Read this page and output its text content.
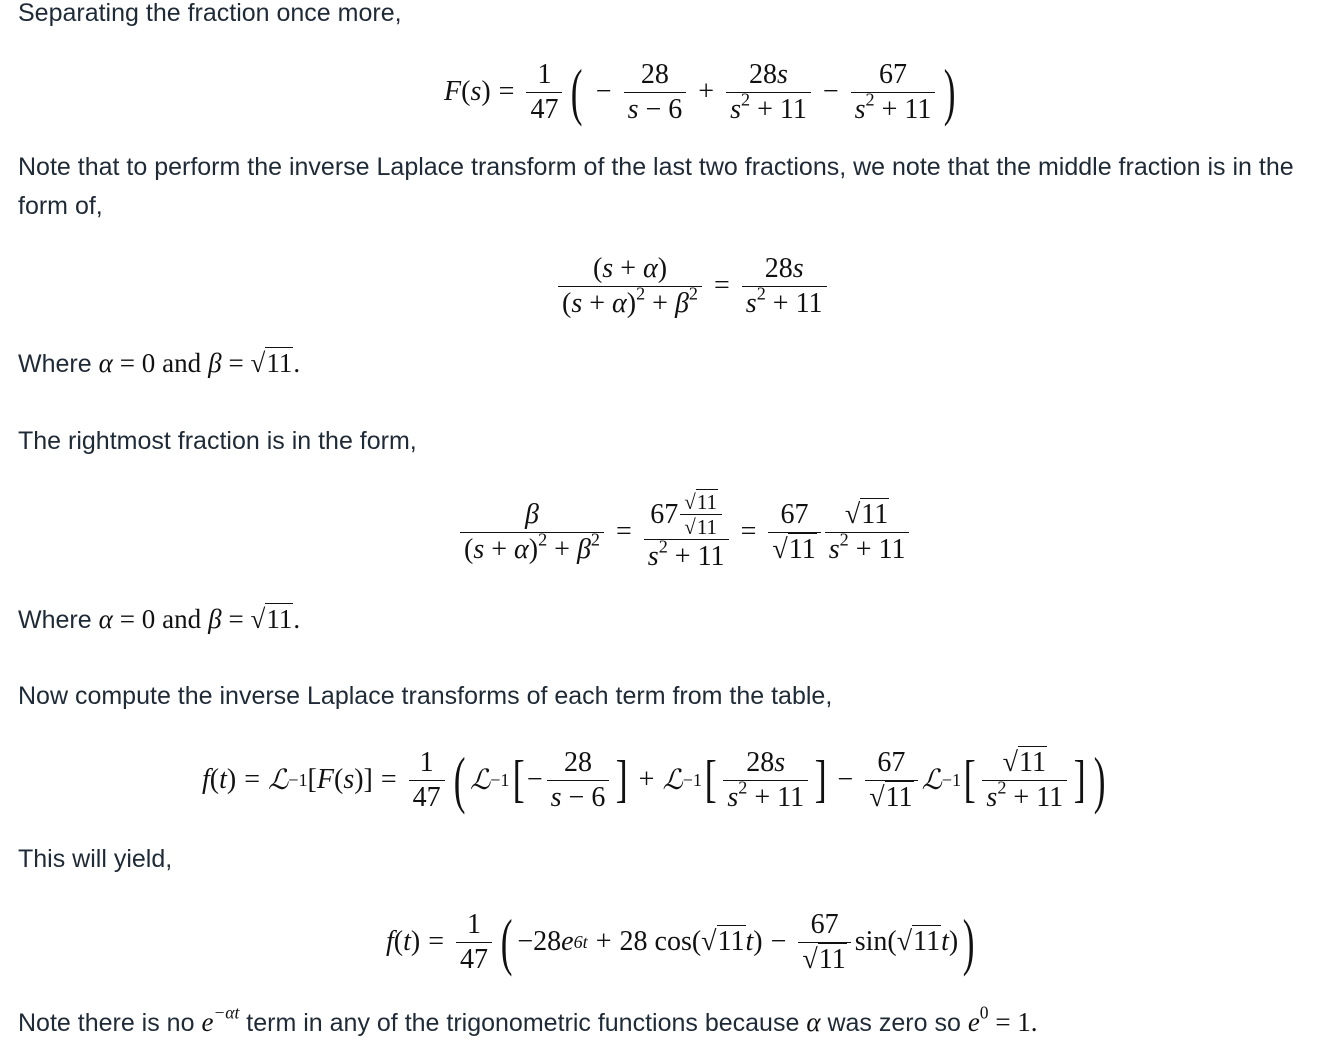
Separating the fraction once more,
F ( s ) = $\frac{1}{47}$ ( − $\frac{28}{s - 6} + \frac{28s}{s^2 + 11} - \frac{67}{s^2 + 11}$ )
Note that to perform the inverse Laplace transform of the last two fractions, we note that the middle fraction is in the
form of,
$\frac{(s + \alpha)}{(s + \alpha)^2 + \beta^2} = \frac{28s}{s^2 + 11}$
Where α = 0 and β = √11.
The rightmost fraction is in the form,
$\frac{\beta}{(s + \alpha)^2 + \beta^2} = \frac{67 \frac{√11}{√11}}{s^2 + 11} = \frac{67}{√11} \frac{√11}{s^2 + 11}$
Where α = 0 and β = √11.
Now compute the inverse Laplace transforms of each term from the table,
f ( t ) = ℒ −1 [ F ( s )] = $\frac{1}{47}$ ( ℒ −1 [ − $\frac{28}{s - 6}$ ] + ℒ −1 [ $\frac{28s}{s^2 + 11}$ ] − $\frac{67}{√11}$ ℒ −1 [ $\frac{√11}{s^2 + 11}$ ] )
This will yield,
f ( t ) = $\frac{1}{47}$ ( −28 e 6t + 28 cos(√ 11 t ) − $\frac{67}{√11} \sin(√$ 11 t ) )
Note there is no $e^{-\alpha t}$ term in any of the trigonometric functions because α was zero so $e^0 = 1$.
